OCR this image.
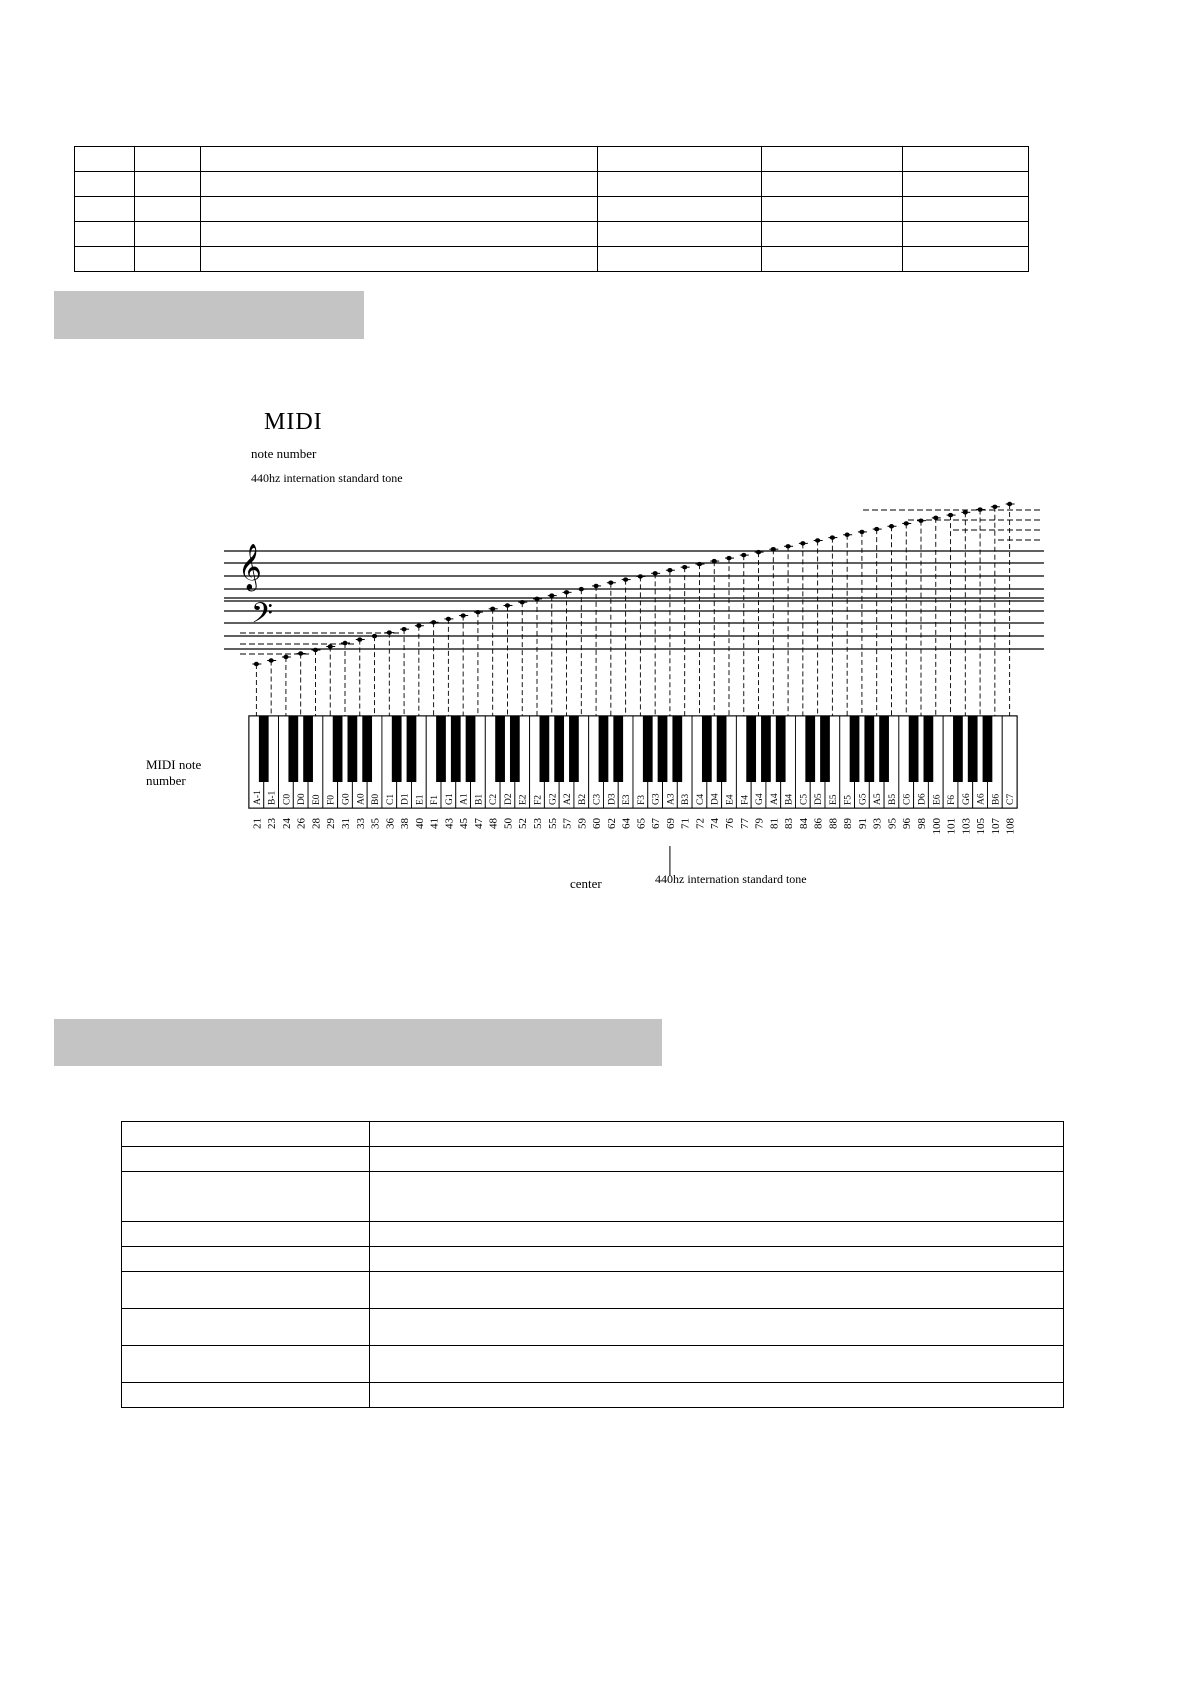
MIDI
note number
440hz internation standard tone
MIDI note number
center	440hz internation standard tone
𝄞
𝄢
A-1 B-1 C0 D0 E0 F0 G0 A0 B0 C1 D1 E1 F1 G1 A1 B1 C2 D2 E2 F2 G2 A2 B2 C3 D3 E3 F3 G3 A3 B3 C4 D4 E4 F4 G4 A4 B4 C5 D5 E5 F5 G5 A5 B5 C6 D6 E6 F6 G6 A6 B6 C7
21 23 24 26 28 29 31 33 35 36 38 40 41 43 45 47 48 50 52 53 55 57 59 60 62 64 65 67 69 71 72 74 76 77 79 81 83 84 86 88 89 91 93 95 96 98 100 101 103 105 107 108
